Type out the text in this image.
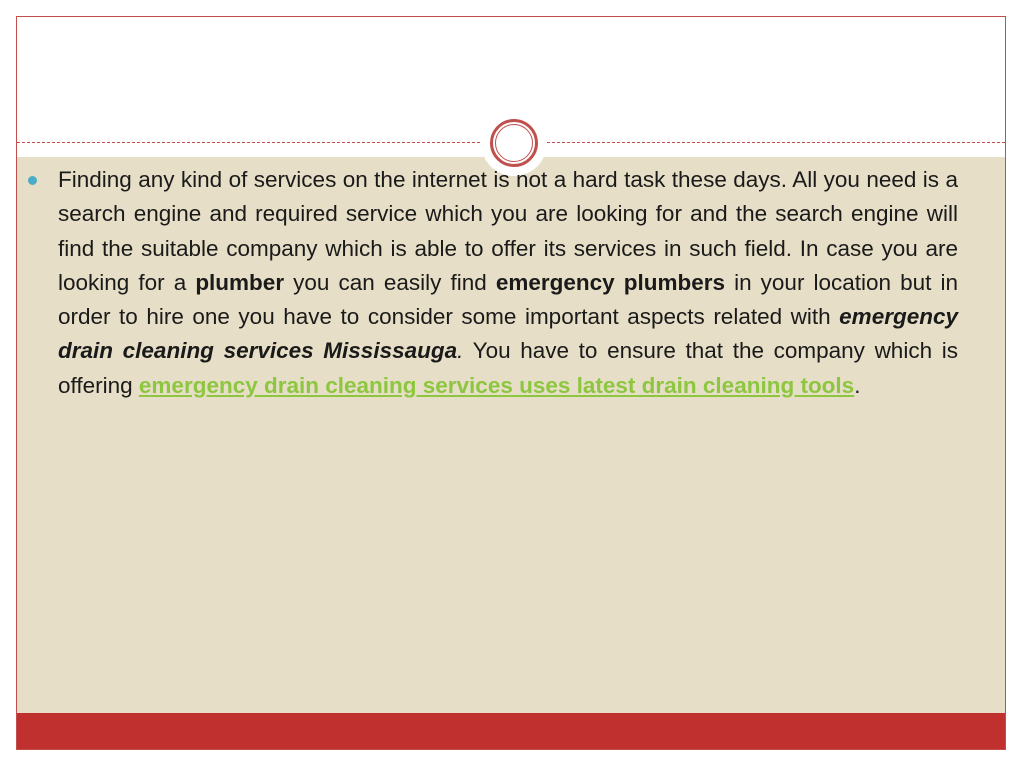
Finding any kind of services on the internet is not a hard task these days. All you need is a search engine and required service which you are looking for and the search engine will find the suitable company which is able to offer its services in such field. In case you are looking for a plumber you can easily find emergency plumbers in your location but in order to hire one you have to consider some important aspects related with emergency drain cleaning services Mississauga. You have to ensure that the company which is offering emergency drain cleaning services uses latest drain cleaning tools.
